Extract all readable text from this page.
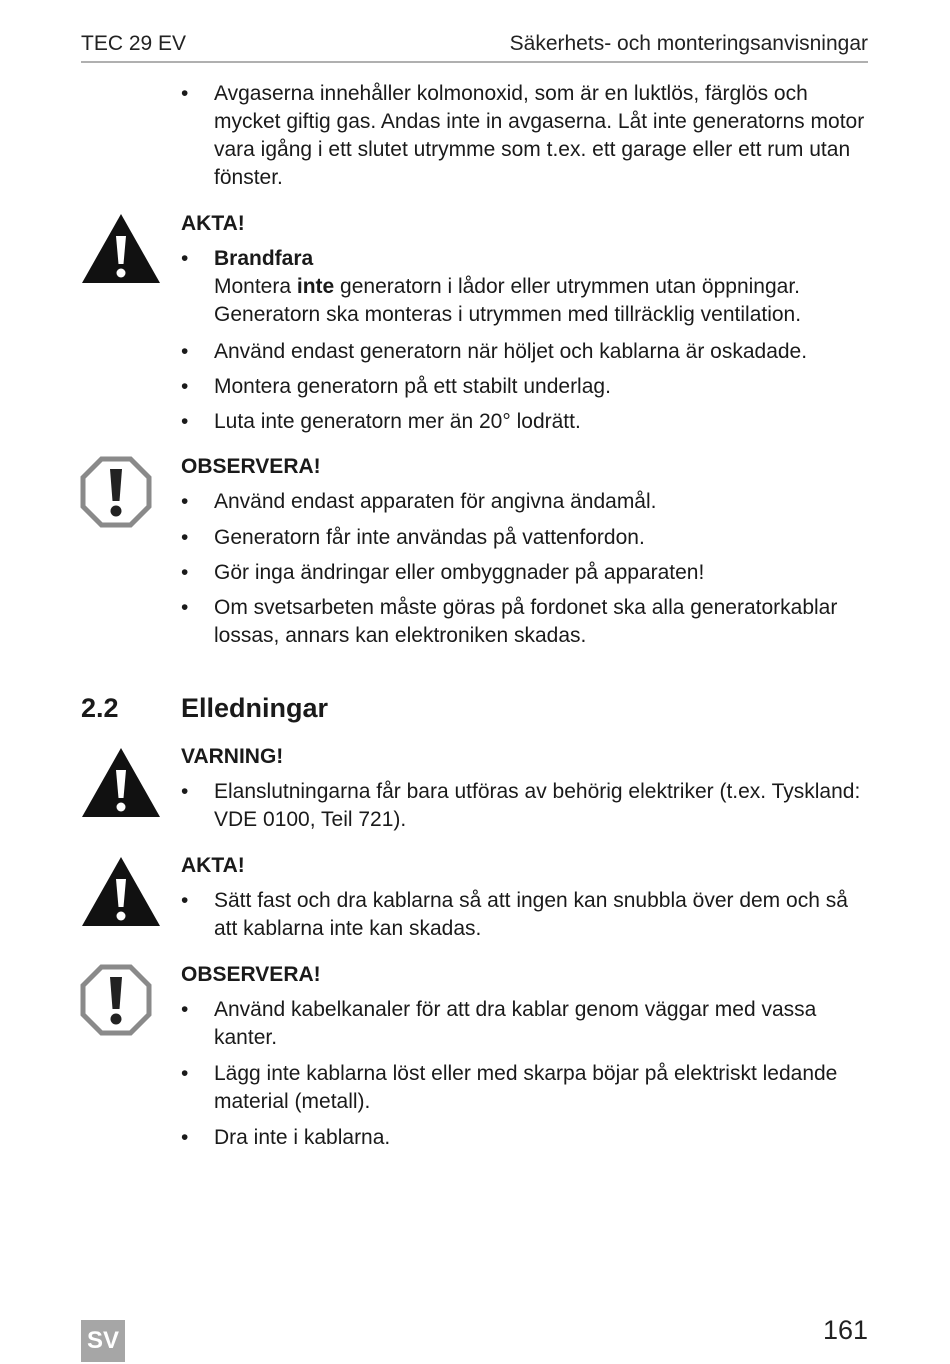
TEC 29 EV	Säkerhets- och monteringsanvisningar
•	Avgaserna innehåller kolmonoxid, som är en luktlös, färglös och mycket giftig gas. Andas inte in avgaserna. Låt inte generatorns motor vara igång i ett slutet utrymme som t.ex. ett garage eller ett rum utan fönster.
AKTA!
•	Brandfara
Montera inte generatorn i lådor eller utrymmen utan öppningar. Generatorn ska monteras i utrymmen med tillräcklig ventilation.
•	Använd endast generatorn när höljet och kablarna är oskadade.
•	Montera generatorn på ett stabilt underlag.
•	Luta inte generatorn mer än 20° lodrätt.
OBSERVERA!
•	Använd endast apparaten för angivna ändamål.
•	Generatorn får inte användas på vattenfordon.
•	Gör inga ändringar eller ombyggnader på apparaten!
•	Om svetsarbeten måste göras på fordonet ska alla generatorkablar lossas, annars kan elektroniken skadas.
2.2 Elledningar
VARNING!
•	Elanslutningarna får bara utföras av behörig elektriker (t.ex. Tyskland: VDE 0100, Teil 721).
AKTA!
•	Sätt fast och dra kablarna så att ingen kan snubbla över dem och så att kablarna inte kan skadas.
OBSERVERA!
•	Använd kabelkanaler för att dra kablar genom väggar med vassa kanter.
•	Lägg inte kablarna löst eller med skarpa böjar på elektriskt ledande material (metall).
•	Dra inte i kablarna.
SV	161
